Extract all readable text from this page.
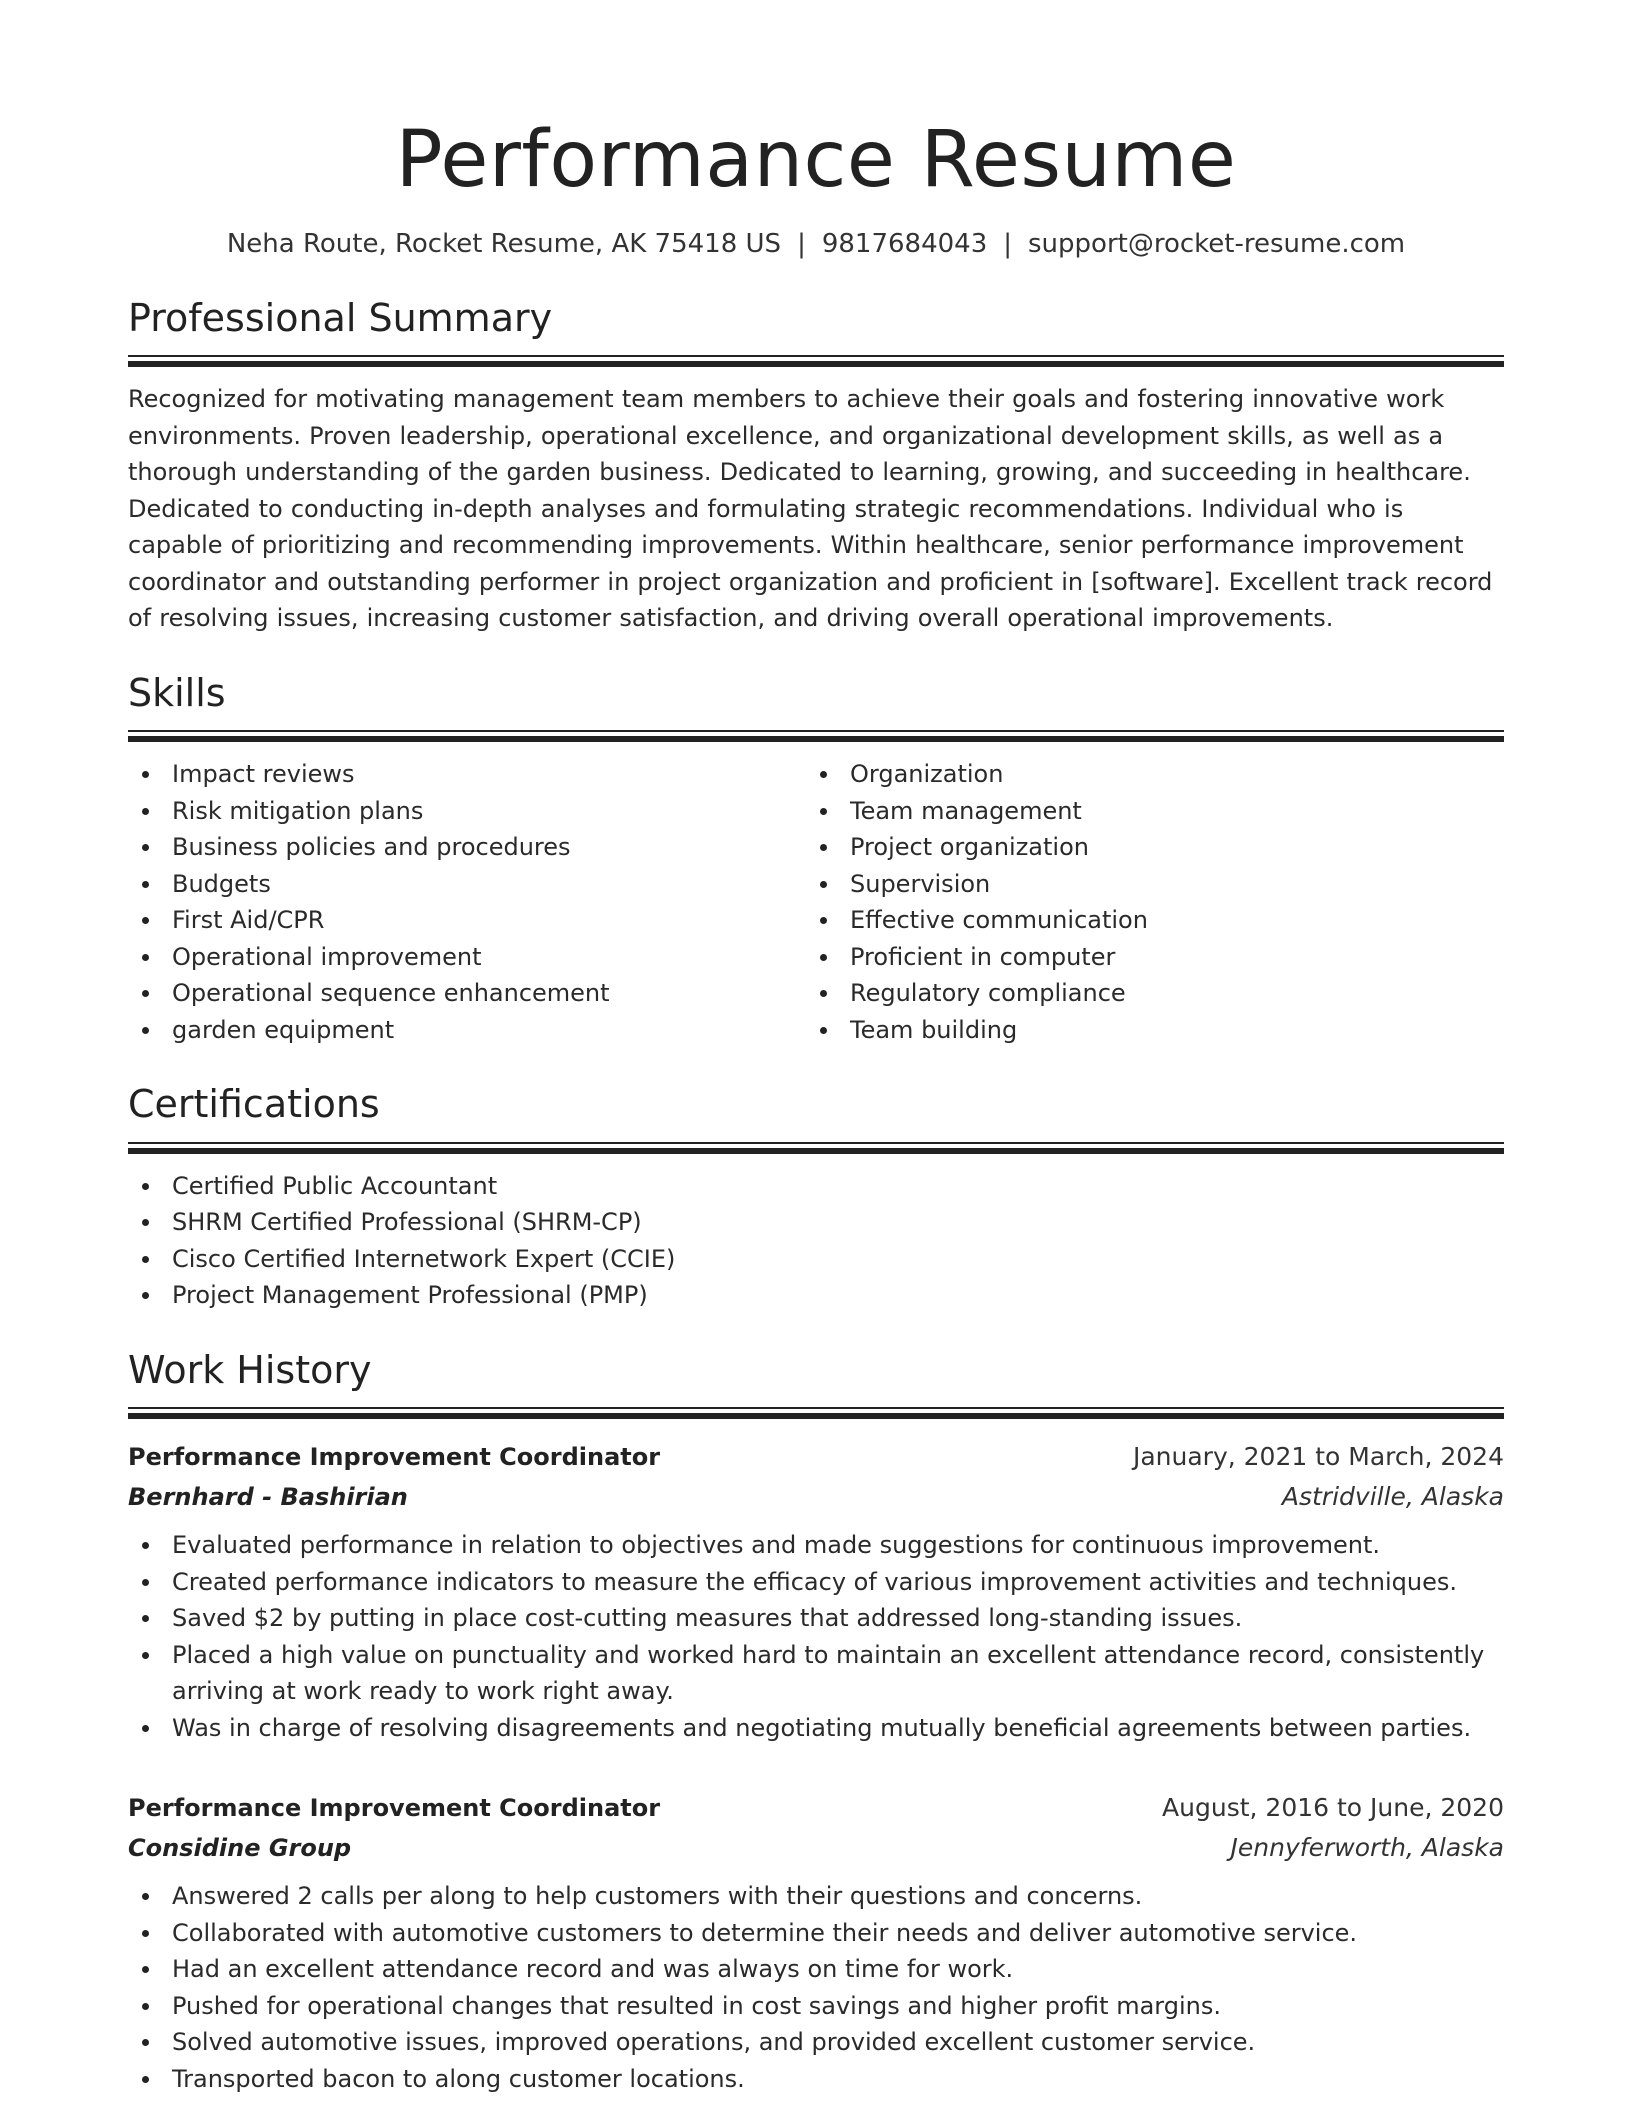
Performance Resume
Neha Route, Rocket Resume, AK 75418 US | 9817684043 | support@rocket-resume.com
Professional Summary

Recognized for motivating management team members to achieve their goals and fostering innovative work environments. Proven leadership, operational excellence, and organizational development skills, as well as a thorough understanding of the garden business. Dedicated to learning, growing, and succeeding in healthcare. Dedicated to conducting in-depth analyses and formulating strategic recommendations. Individual who is capable of prioritizing and recommending improvements. Within healthcare, senior performance improvement coordinator and outstanding performer in project organization and proficient in [software]. Excellent track record of resolving issues, increasing customer satisfaction, and driving overall operational improvements.

Skills
Impact reviews
Risk mitigation plans
Business policies and procedures
Budgets
First Aid/CPR
Operational improvement
Operational sequence enhancement
garden equipment
Organization
Team management
Project organization
Supervision
Effective communication
Proficient in computer
Regulatory compliance
Team building
Certifications
Certified Public Accountant
SHRM Certified Professional (SHRM-CP)
Cisco Certified Internetwork Expert (CCIE)
Project Management Professional (PMP)
Work History
Performance Improvement Coordinator	January, 2021 to March, 2024
Bernhard - Bashirian	Astridville, Alaska
Evaluated performance in relation to objectives and made suggestions for continuous improvement.
Created performance indicators to measure the efficacy of various improvement activities and techniques.
Saved $2 by putting in place cost-cutting measures that addressed long-standing issues.
Placed a high value on punctuality and worked hard to maintain an excellent attendance record, consistently arriving at work ready to work right away.
Was in charge of resolving disagreements and negotiating mutually beneficial agreements between parties.
Performance Improvement Coordinator	August, 2016 to June, 2020
Considine Group	Jennyferworth, Alaska
Answered 2 calls per along to help customers with their questions and concerns.
Collaborated with automotive customers to determine their needs and deliver automotive service.
Had an excellent attendance record and was always on time for work.
Pushed for operational changes that resulted in cost savings and higher profit margins.
Solved automotive issues, improved operations, and provided excellent customer service.
Transported bacon to along customer locations.
